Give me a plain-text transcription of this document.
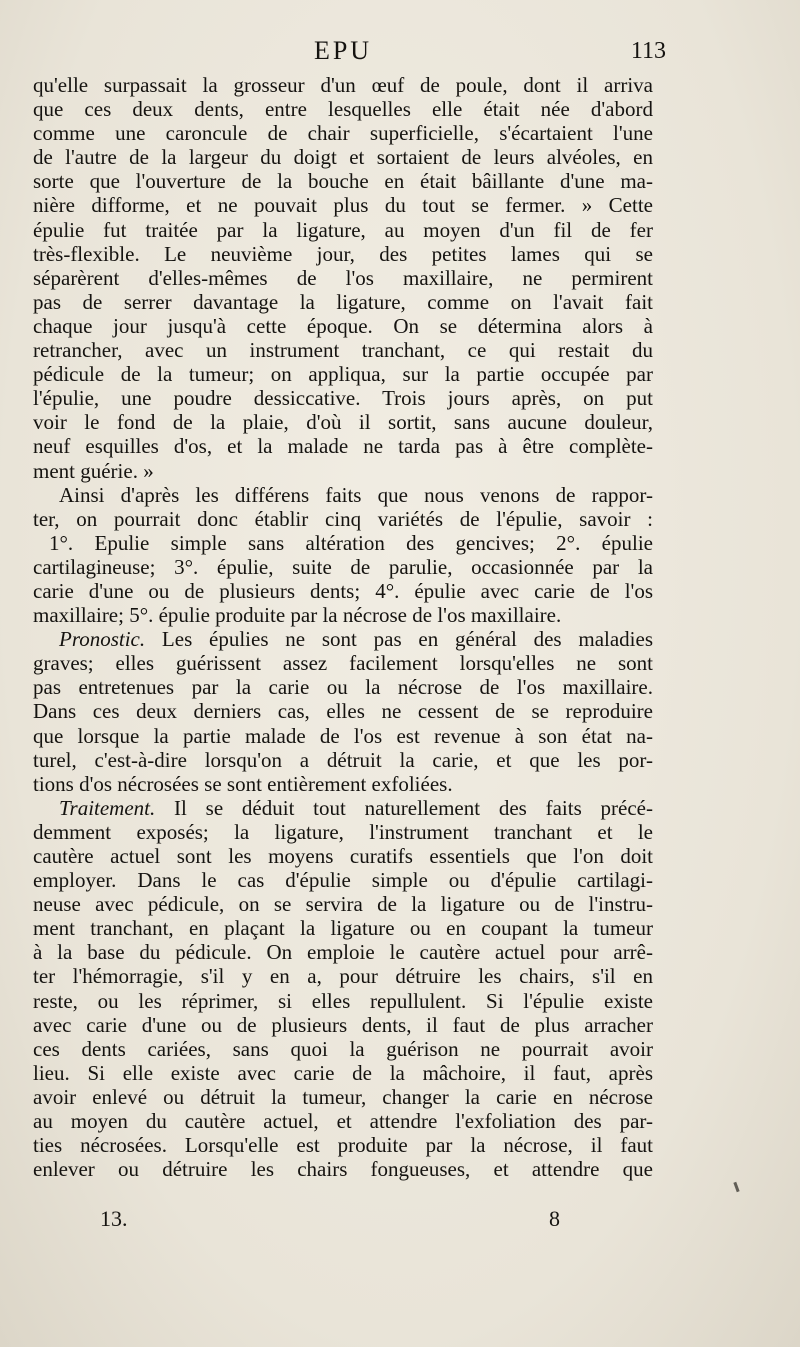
EPU	113
qu'elle surpassait la grosseur d'un œuf de poule, dont il arriva
que ces deux dents, entre lesquelles elle était née d'abord
comme une caroncule de chair superficielle, s'écartaient l'une
de l'autre de la largeur du doigt et sortaient de leurs alvéoles, en
sorte que l'ouverture de la bouche en était bâillante d'une ma-
nière difforme, et ne pouvait plus du tout se fermer. » Cette
épulie fut traitée par la ligature, au moyen d'un fil de fer
très-flexible. Le neuvième jour, des petites lames qui se
séparèrent d'elles-mêmes de l'os maxillaire, ne permirent
pas de serrer davantage la ligature, comme on l'avait fait
chaque jour jusqu'à cette époque. On se détermina alors à
retrancher, avec un instrument tranchant, ce qui restait du
pédicule de la tumeur; on appliqua, sur la partie occupée par
l'épulie, une poudre dessiccative. Trois jours après, on put
voir le fond de la plaie, d'où il sortit, sans aucune douleur,
neuf esquilles d'os, et la malade ne tarda pas à être complète-
ment guérie. »
Ainsi d'après les différens faits que nous venons de rappor-
ter, on pourrait donc établir cinq variétés de l'épulie, savoir :
1°. Epulie simple sans altération des gencives; 2°. épulie
cartilagineuse; 3°. épulie, suite de parulie, occasionnée par la
carie d'une ou de plusieurs dents; 4°. épulie avec carie de l'os
maxillaire; 5°. épulie produite par la nécrose de l'os maxillaire.
Pronostic. Les épulies ne sont pas en général des maladies
graves; elles guérissent assez facilement lorsqu'elles ne sont
pas entretenues par la carie ou la nécrose de l'os maxillaire.
Dans ces deux derniers cas, elles ne cessent de se reproduire
que lorsque la partie malade de l'os est revenue à son état na-
turel, c'est-à-dire lorsqu'on a détruit la carie, et que les por-
tions d'os nécrosées se sont entièrement exfoliées.
Traitement. Il se déduit tout naturellement des faits précé-
demment exposés; la ligature, l'instrument tranchant et le
cautère actuel sont les moyens curatifs essentiels que l'on doit
employer. Dans le cas d'épulie simple ou d'épulie cartilagi-
neuse avec pédicule, on se servira de la ligature ou de l'instru-
ment tranchant, en plaçant la ligature ou en coupant la tumeur
à la base du pédicule. On emploie le cautère actuel pour arrê-
ter l'hémorragie, s'il y en a, pour détruire les chairs, s'il en
reste, ou les réprimer, si elles repullulent. Si l'épulie existe
avec carie d'une ou de plusieurs dents, il faut de plus arracher
ces dents cariées, sans quoi la guérison ne pourrait avoir
lieu. Si elle existe avec carie de la mâchoire, il faut, après
avoir enlevé ou détruit la tumeur, changer la carie en nécrose
au moyen du cautère actuel, et attendre l'exfoliation des par-
ties nécrosées. Lorsqu'elle est produite par la nécrose, il faut
enlever ou détruire les chairs fongueuses, et attendre que
13.	8
